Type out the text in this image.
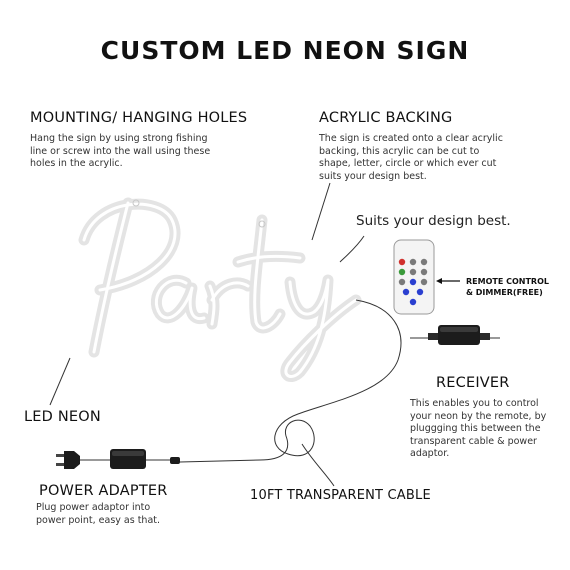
CUSTOM LED NEON SIGN
MOUNTING/ HANGING HOLES
Hang the sign by using strong fishing
line or screw into the wall using these
holes in the acrylic.
ACRYLIC BACKING
The sign is created onto a clear acrylic
backing, this acrylic can be cut to
shape, letter, circle or which ever cut
suits your design best.
Suits your design best.
REMOTE CONTROL
& DIMMER(FREE)
RECEIVER
This enables you to control
your neon by the remote, by
pluggging this between the
transparent cable & power
adaptor.
LED NEON
POWER ADAPTER
Plug power adaptor into
power point, easy as that.
10FT TRANSPARENT CABLE
